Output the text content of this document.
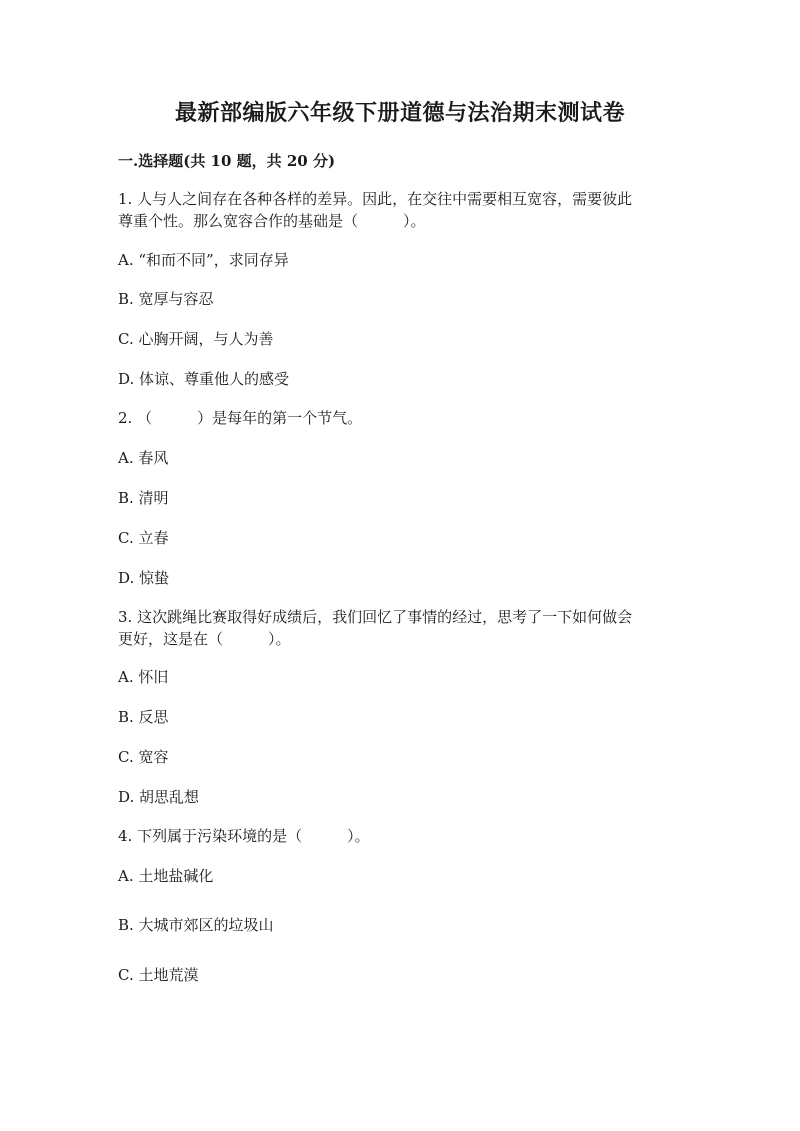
最新部编版六年级下册道德与法治期末测试卷
一.选择题(共 10 题，共 20 分)
1. 人与人之间存在各种各样的差异。因此，在交往中需要相互宽容，需要彼此
尊重个性。那么宽容合作的基础是（　　　）。
A. “和而不同”，求同存异
B. 宽厚与容忍
C. 心胸开阔，与人为善
D. 体谅、尊重他人的感受
2. （　　　）是每年的第一个节气。
A. 春风
B. 清明
C. 立春
D. 惊蛰
3. 这次跳绳比赛取得好成绩后，我们回忆了事情的经过，思考了一下如何做会
更好，这是在（　　　）。
A. 怀旧
B. 反思
C. 宽容
D. 胡思乱想
4. 下列属于污染环境的是（　　　）。
A. 土地盐碱化
B. 大城市郊区的垃圾山
C. 土地荒漠
